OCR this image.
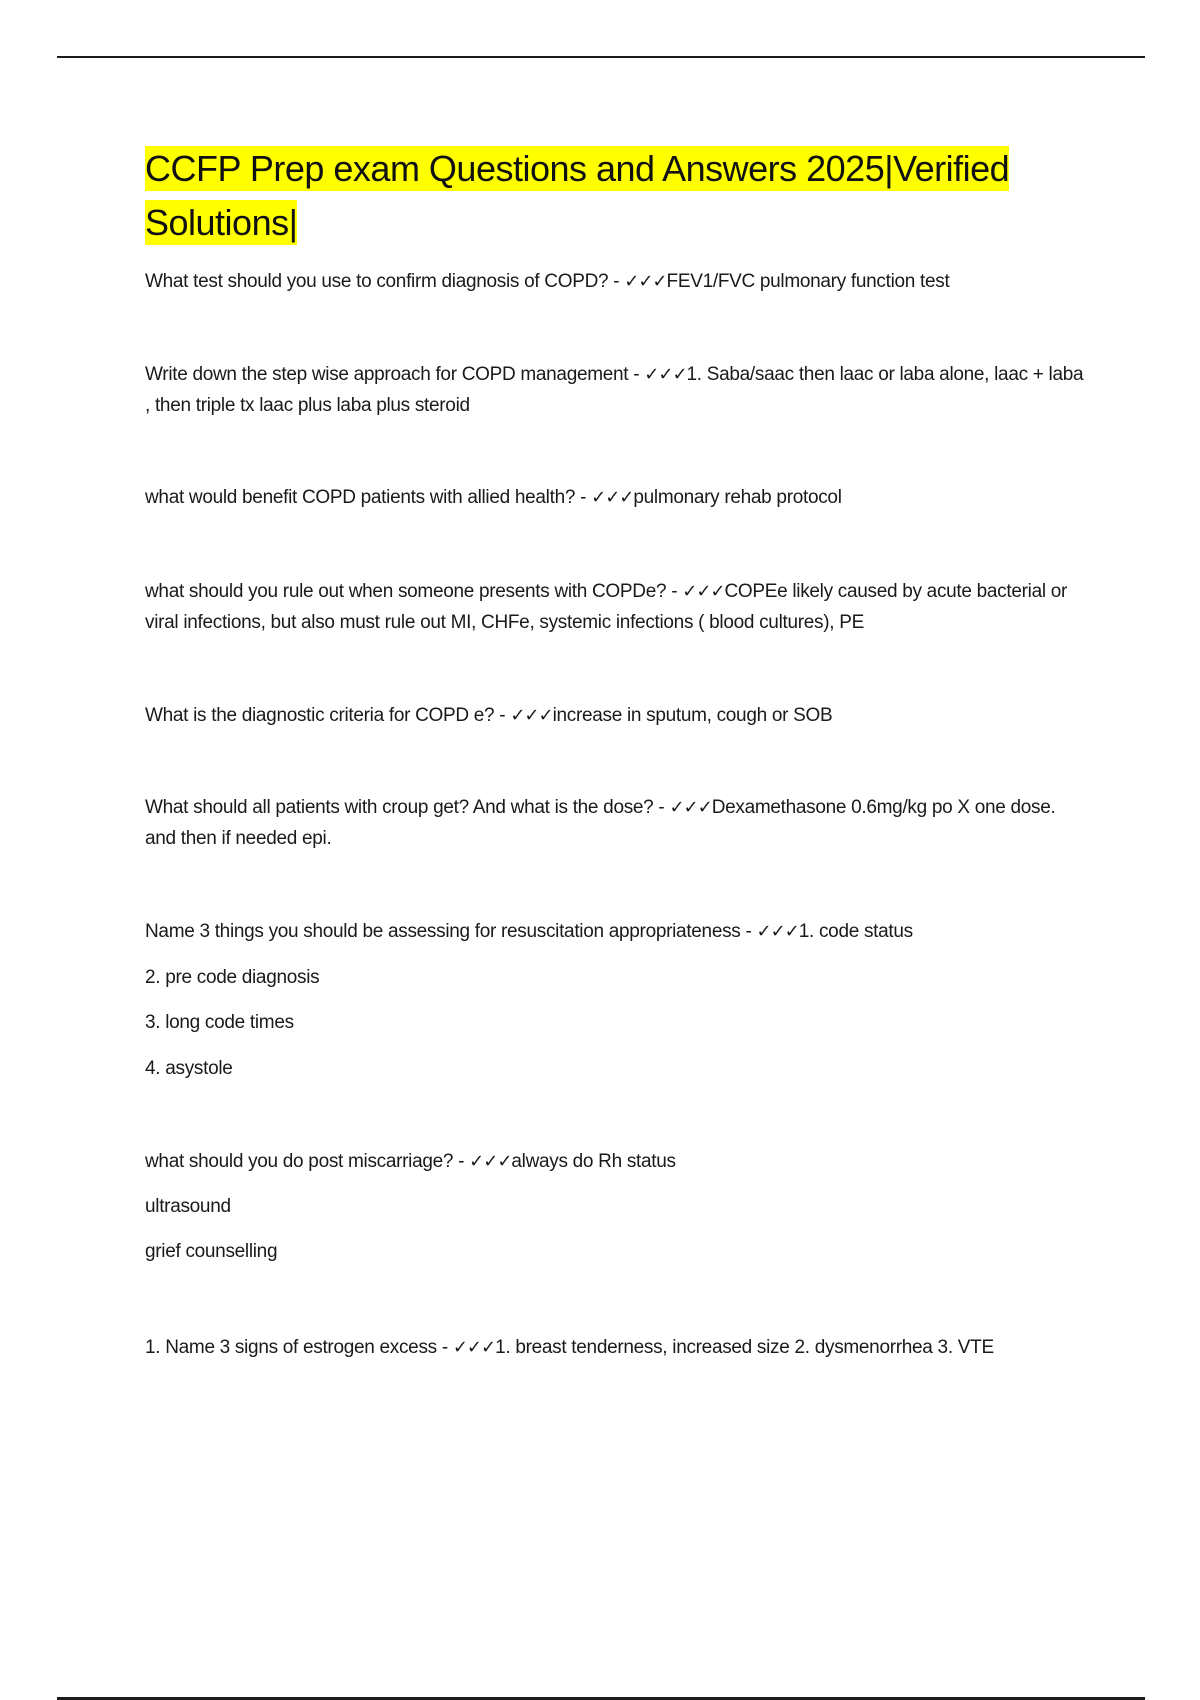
CCFP Prep exam Questions and Answers 2025|Verified Solutions|
What test should you use to confirm diagnosis of COPD? - ✓✓✓FEV1/FVC pulmonary function test
Write down the step wise approach for COPD management - ✓✓✓1. Saba/saac then laac or laba alone, laac + laba , then triple tx laac plus laba plus steroid
what would benefit COPD patients with allied health? - ✓✓✓pulmonary rehab protocol
what should you rule out when someone presents with COPDe? - ✓✓✓COPEe likely caused by acute bacterial or viral infections, but also must rule out MI, CHFe, systemic infections ( blood cultures), PE
What is the diagnostic criteria for COPD e? - ✓✓✓increase in sputum, cough or SOB
What should all patients with croup get? And what is the dose? - ✓✓✓Dexamethasone 0.6mg/kg po X one dose. and then if needed epi.
Name 3 things you should be assessing for resuscitation appropriateness - ✓✓✓1. code status
2. pre code diagnosis
3. long code times
4. asystole
what should you do post miscarriage? - ✓✓✓always do Rh status
ultrasound
grief counselling
1. Name 3 signs of estrogen excess - ✓✓✓1. breast tenderness, increased size 2. dysmenorrhea 3. VTE
